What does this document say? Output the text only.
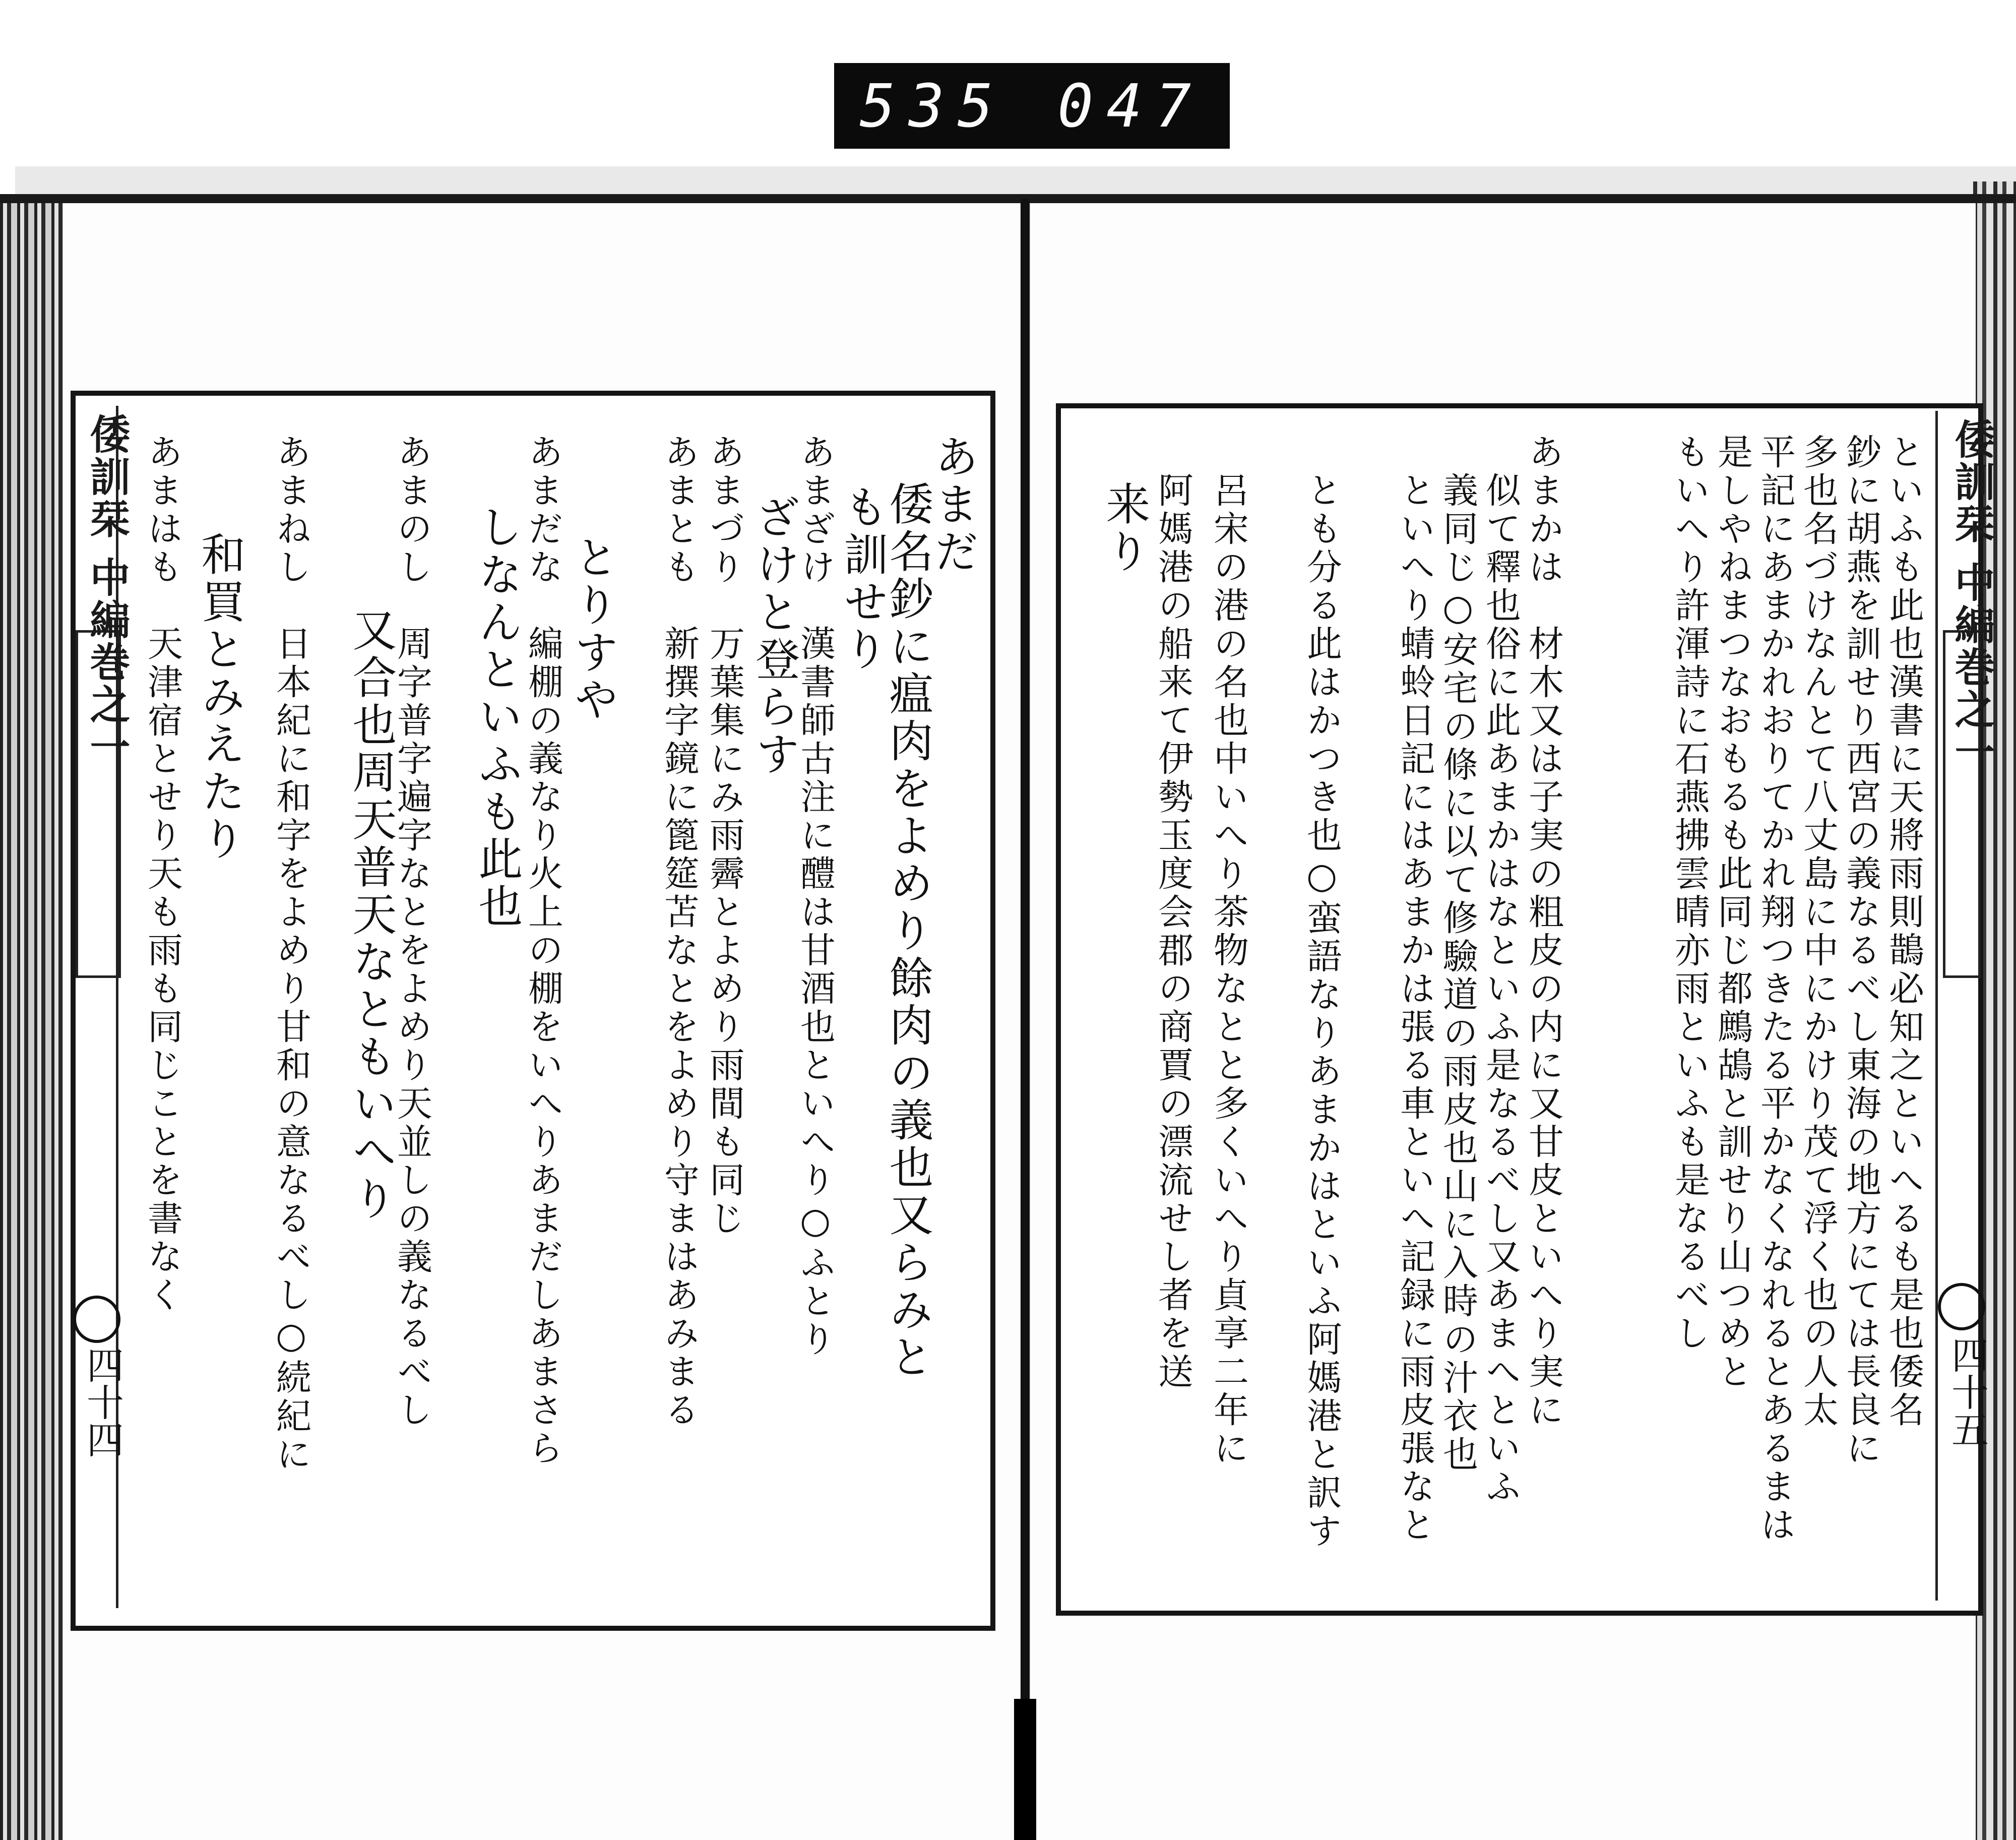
535 047
倭訓栞 中編巻之一
四十四
あまだ
　倭名鈔に瘟肉をよめり餘肉の義也又らみと
も訓せり
あまざけ　漢書師古注に醴は甘酒也といへり○ふとり
ざけと登らす
あまづり　万葉集にみ雨霽とよめり雨間も同じ
あまとも　新撰字鏡に篦筵苫なとをよめり守まはあみまる
とりすや
あまだな　編棚の義なり火上の棚をいへりあまだしあまさら
しなんといふも此也
あまのし　周字普字遍字なとをよめり天並しの義なるべし
　又合也周天普天なともいへり
あまねし　日本紀に和字をよめり甘和の意なるべし○続紀に
　和買とみえたり
あまはも　天津宿とせり天も雨も同じことを書なく	倭訓栞 中編巻之一
四十五
といふも此也漢書に天將雨則鵲必知之といへるも是也倭名
鈔に胡燕を訓せり西宮の義なるべし東海の地方にては長良に
多也名づけなんとて八丈島に中にかけり茂て浮く也の人太
平記にあまかれおりてかれ翔つきたる平かなくなれるとあるまは
是しやねまつなおもるも此同じ都鷓鴣と訓せり山つめと
もいへり許渾詩に石燕拂雲晴亦雨といふも是なるべし
あまかは　材木又は子実の粗皮の内に又甘皮といへり実に
　似て釋也俗に此あまかはなといふ是なるべし又あまへといふ
　義同じ○安宅の條に以て修驗道の雨皮也山に入時の汁衣也
　といへり蜻蛉日記にはあまかは張る車といへ記録に雨皮張なと
　とも分る此はかつき也○蛮語なりあまかはといふ阿媽港と訳す
　呂宋の港の名也中いへり茶物なとと多くいへり貞享二年に
　阿媽港の船来て伊勢玉度会郡の商賈の漂流せし者を送
　来り
